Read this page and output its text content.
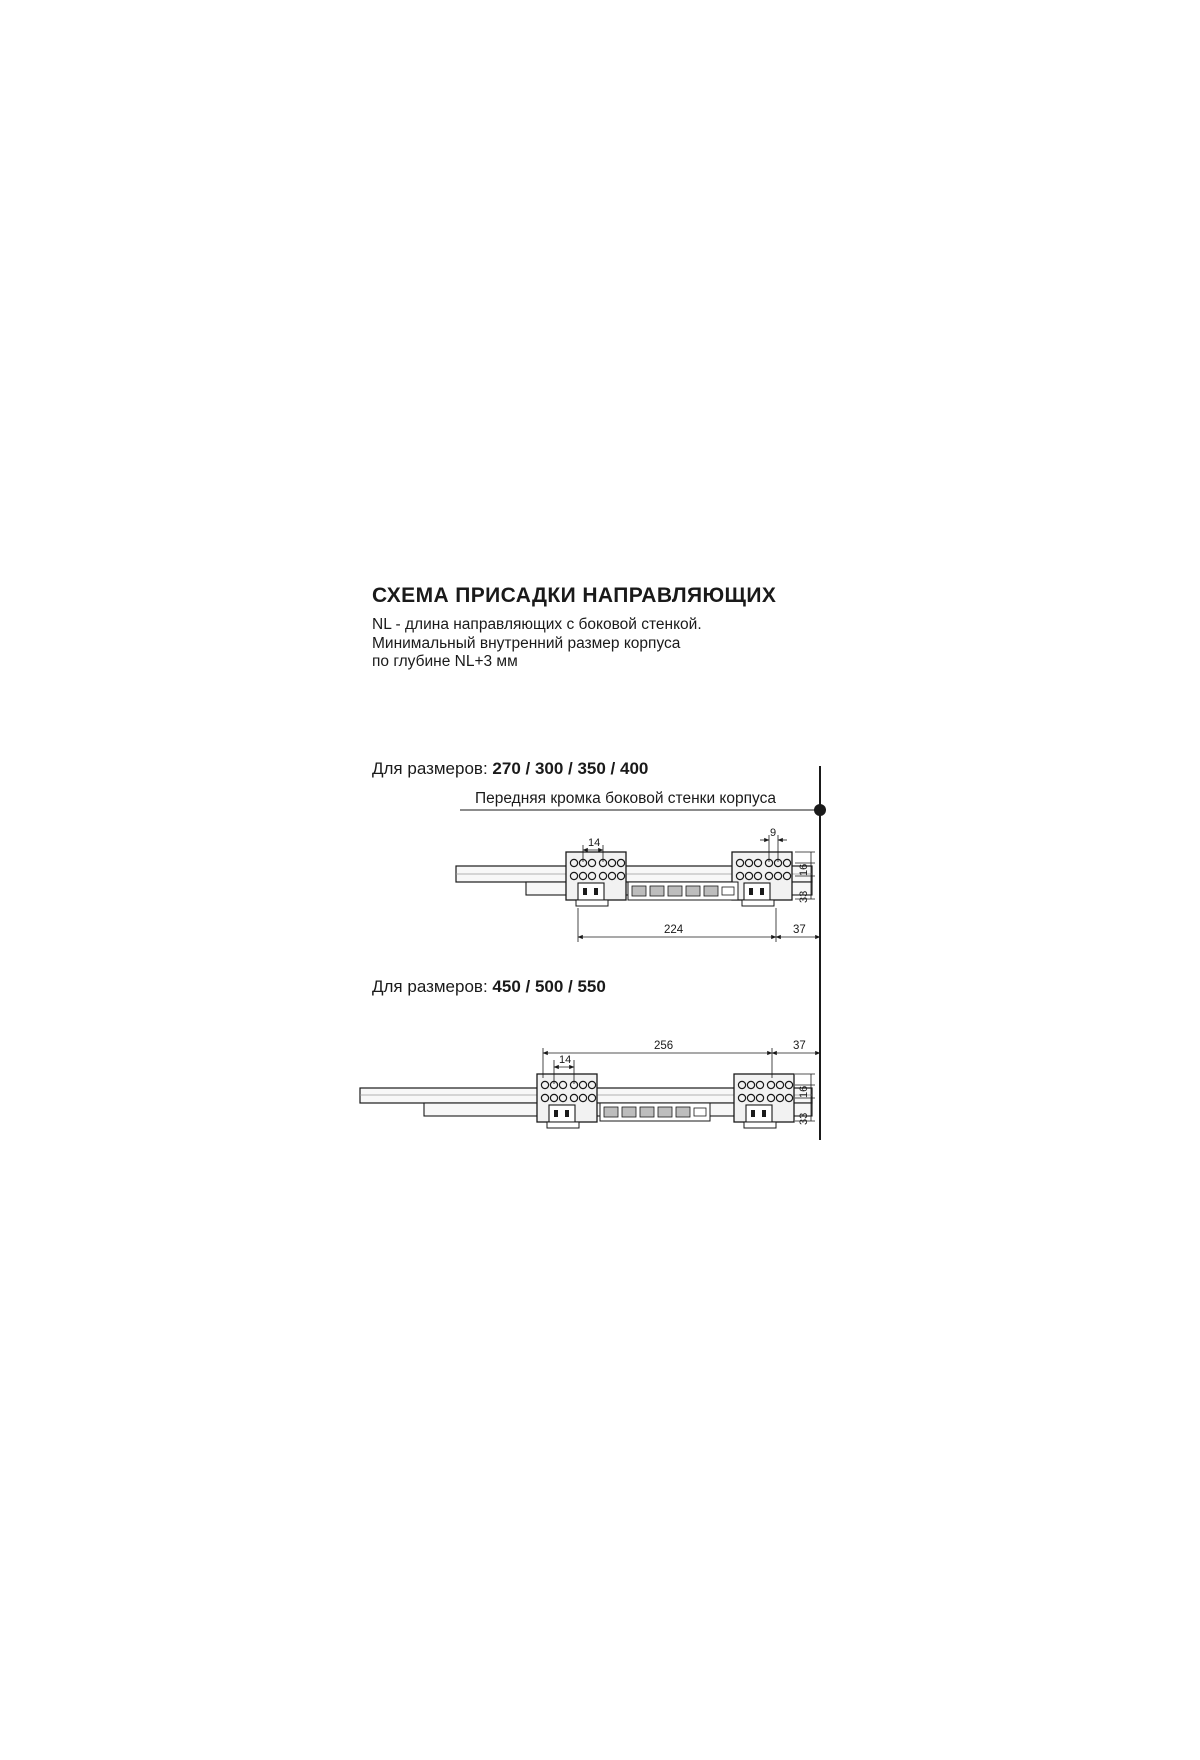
СХЕМА ПРИСАДКИ НАПРАВЛЯЮЩИХ
NL - длина направляющих с боковой стенкой.
Минимальный внутренний размер корпуса
по глубине NL+3 мм
Для размеров: 270 / 300 / 350 / 400
Для размеров: 450 / 500 / 550
Передняя кромка боковой стенки корпуса
14
9
16
33
224	37
14
256	37
16
33
